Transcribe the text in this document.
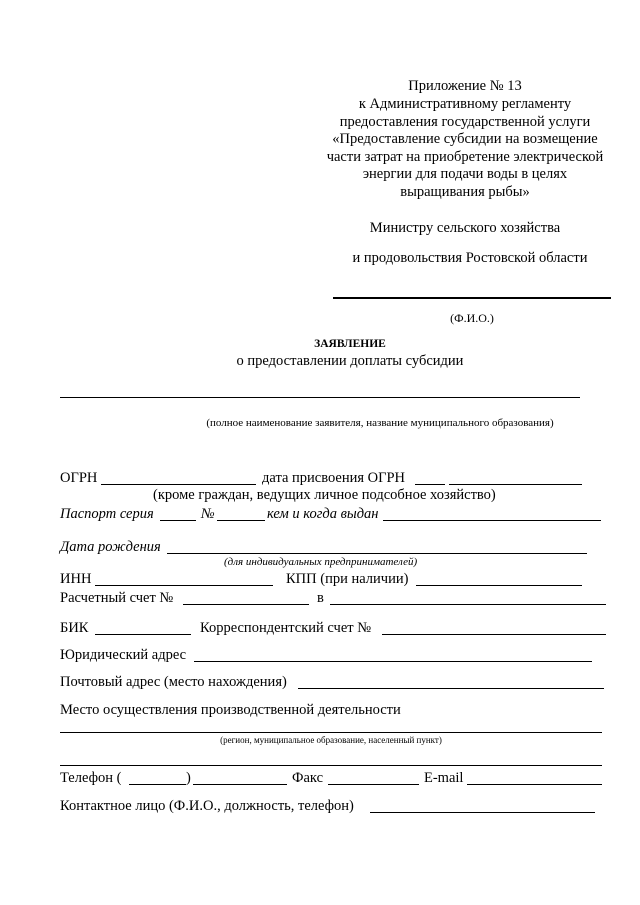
Приложение № 13
к Административному регламенту
предоставления государственной услуги
«Предоставление субсидии на возмещение
части затрат на приобретение электрической
энергии для подачи воды в целях
выращивания рыбы»
Министру сельского хозяйства
и продовольствия Ростовской области
(Ф.И.О.)
ЗАЯВЛЕНИЕ
о предоставлении доплаты субсидии
(полное наименование заявителя, название муниципального образования)
ОГРН	дата присвоения ОГРН
(кроме граждан, ведущих личное подсобное хозяйство)
Паспорт серия	№	кем и когда выдан
Дата рождения
(для индивидуальных предпринимателей)
ИНН	КПП (при наличии)
Расчетный счет №	в
БИК	Корреспондентский счет №
Юридический адрес
Почтовый адрес (место нахождения)
Место осуществления производственной деятельности
(регион, муниципальное образование, населенный пункт)
Телефон (	)	Факс	E-mail
Контактное лицо (Ф.И.О., должность, телефон)
